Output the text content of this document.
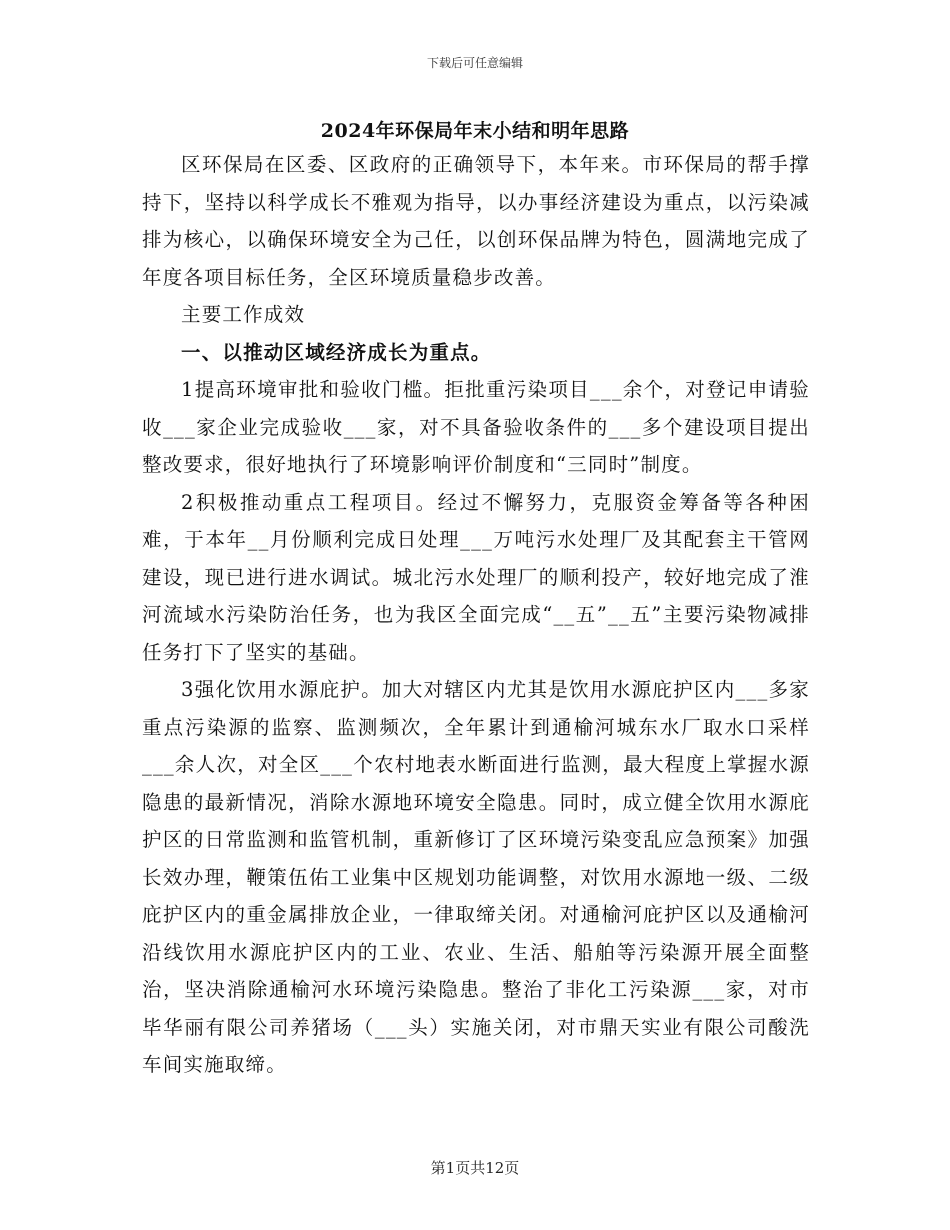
下载后可任意编辑
2024年环保局年末小结和明年思路

区环保局在区委、区政府的正确领导下，本年来。市环保局的帮手撑持下，坚持以科学成长不雅观为指导，以办事经济建设为重点，以污染减排为核心，以确保环境安全为己任，以创环保品牌为特色，圆满地完成了年度各项目标任务，全区环境质量稳步改善。

主要工作成效

一、以推动区域经济成长为重点。

1提高环境审批和验收门槛。拒批重污染项目___余个，对登记申请验收___家企业完成验收___家，对不具备验收条件的___多个建设项目提出整改要求，很好地执行了环境影响评价制度和“三同时”制度。

2积极推动重点工程项目。经过不懈努力，克服资金筹备等各种困难，于本年__月份顺利完成日处理___万吨污水处理厂及其配套主干管网建设，现已进行进水调试。城北污水处理厂的顺利投产，较好地完成了淮河流域水污染防治任务，也为我区全面完成“__五”__五”主要污染物减排任务打下了坚实的基础。

3强化饮用水源庇护。加大对辖区内尤其是饮用水源庇护区内___多家重点污染源的监察、监测频次，全年累计到通榆河城东水厂取水口采样___余人次，对全区___个农村地表水断面进行监测，最大程度上掌握水源隐患的最新情况，消除水源地环境安全隐患。同时，成立健全饮用水源庇护区的日常监测和监管机制，重新修订了区环境污染变乱应急预案》加强长效办理，鞭策伍佑工业集中区规划功能调整，对饮用水源地一级、二级庇护区内的重金属排放企业，一律取缔关闭。对通榆河庇护区以及通榆河沿线饮用水源庇护区内的工业、农业、生活、船舶等污染源开展全面整治，坚决消除通榆河水环境污染隐患。整治了非化工污染源___家，对市毕华丽有限公司养猪场（___头）实施关闭，对市鼎天实业有限公司酸洗车间实施取缔。

第1页共12页
